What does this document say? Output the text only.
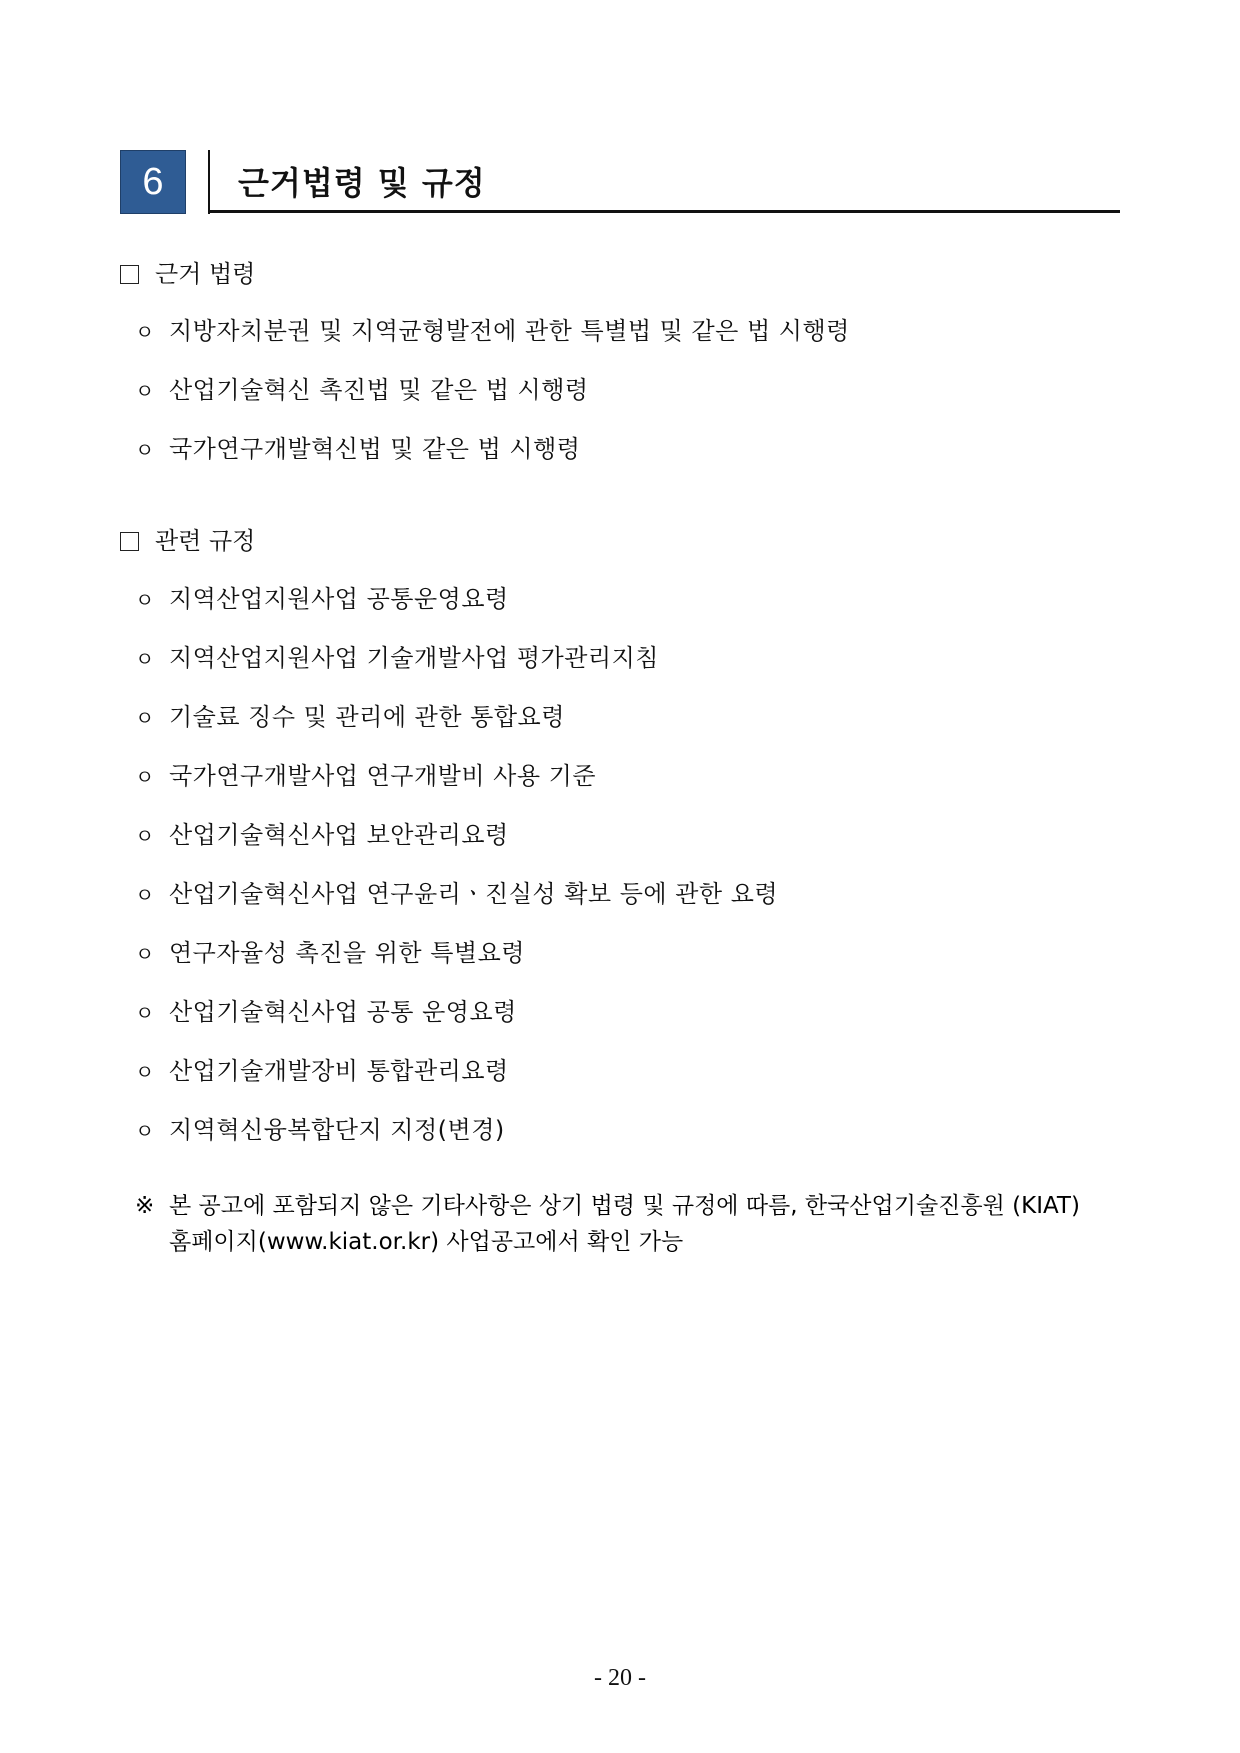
6	근거법령 및 규정
근거 법령
ㅇ 지방자치분권 및 지역균형발전에 관한 특별법 및 같은 법 시행령
ㅇ 산업기술혁신 촉진법 및 같은 법 시행령
ㅇ 국가연구개발혁신법 및 같은 법 시행령
관련 규정
ㅇ 지역산업지원사업 공통운영요령
ㅇ 지역산업지원사업 기술개발사업 평가관리지침
ㅇ 기술료 징수 및 관리에 관한 통합요령
ㅇ 국가연구개발사업 연구개발비 사용 기준
ㅇ 산업기술혁신사업 보안관리요령
ㅇ 산업기술혁신사업 연구윤리ㆍ진실성 확보 등에 관한 요령
ㅇ 연구자율성 촉진을 위한 특별요령
ㅇ 산업기술혁신사업 공통 운영요령
ㅇ 산업기술개발장비 통합관리요령
ㅇ 지역혁신융복합단지 지정(변경)
※ 본 공고에 포함되지 않은 기타사항은 상기 법령 및 규정에 따름, 한국산업기술진흥원 (KIAT) 홈페이지(www.kiat.or.kr) 사업공고에서 확인 가능
- 20 -
